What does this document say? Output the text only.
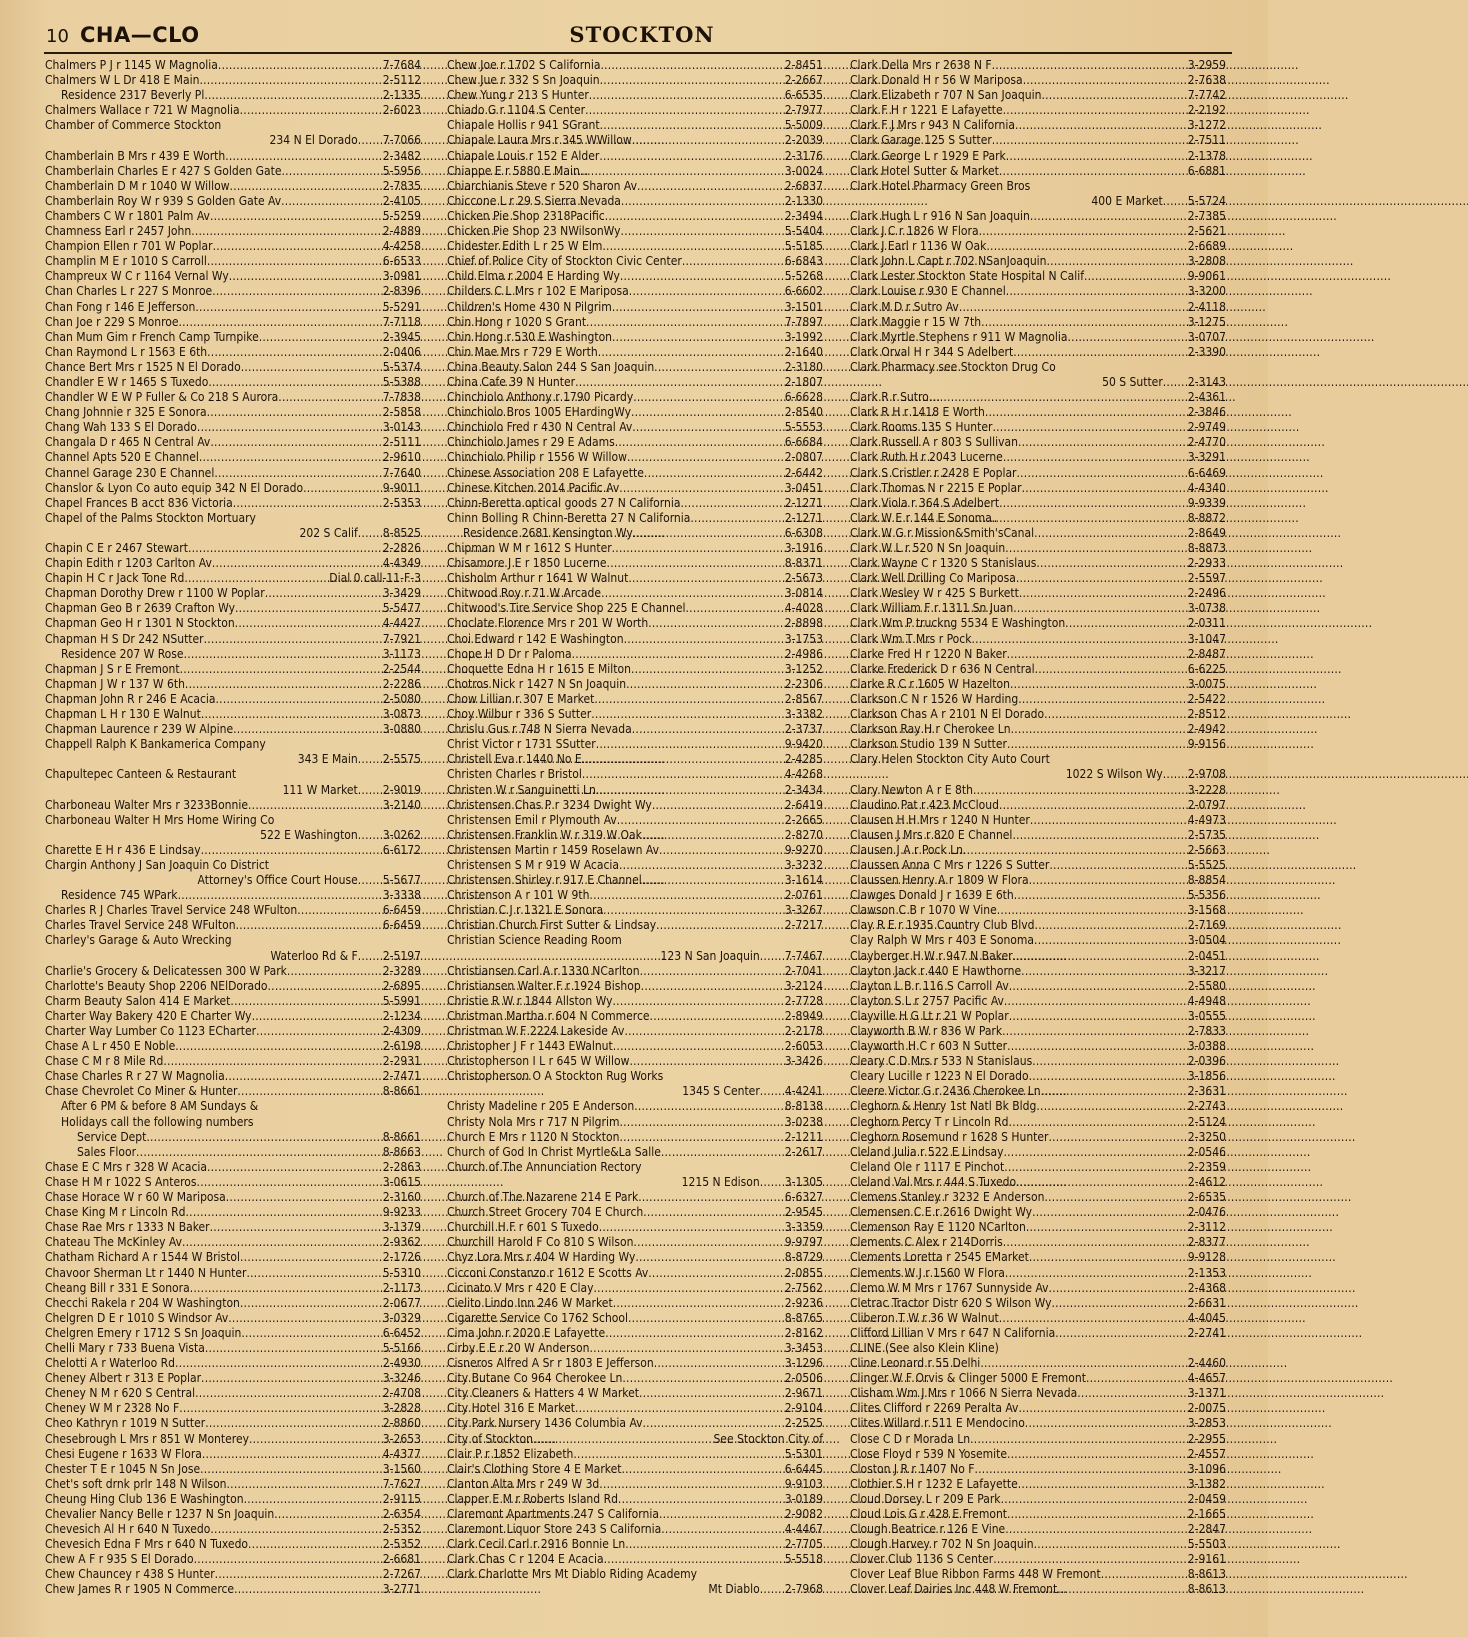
10 CHA—CLO	STOCKTON
Chalmers P J r 1145 W Magnolia . . .	7-7684
Chalmers W L Dr 418 E Main . . .	2-5112
Residence 2317 Beverly Pl . . .	2-1335
Chalmers Wallace r 721 W Magnolia . . .	2-6023
Chamber of Commerce Stockton
234 N El Dorado . . . 7-7066
Chamberlain B Mrs r 439 E Worth . . .	2-3482
Chamberlain Charles E r 427 S Golden Gate . . .	5-5956
Chamberlain D M r 1040 W Willow . . .	2-7835
Chamberlain Roy W r 939 S Golden Gate Av . . .	2-4105
Chambers C W r 1801 Palm Av . . .	5-5259
Chamness Earl r 2457 John . . .	2-4889
Champion Ellen r 701 W Poplar . . .	4-4258
Champlin M E r 1010 S Carroll . . .	6-6533
Champreux W C r 1164 Vernal Wy . . .	3-0981
Chan Charles L r 227 S Monroe . . .	2-8396
Chan Fong r 146 E Jefferson . . .	5-5291
Chan Joe r 229 S Monroe . . .	7-7118
Chan Mum Gim r French Camp Turnpike . . .	2-3945
Chan Raymond L r 1563 E 6th . . .	2-0406
Chance Bert Mrs r 1525 N El Dorado . . .	5-5374
Chandler E W r 1465 S Tuxedo . . .	5-5388
Chandler W E W P Fuller & Co 218 S Aurora . . .	7-7838
Chang Johnnie r 325 E Sonora . . .	2-5858
Chang Wah 133 S El Dorado . . .	3-0143
Changala D r 465 N Central Av . . .	2-5111
Channel Apts 520 E Channel . . .	2-9610
Channel Garage 230 E Channel . . .	7-7640
Chanslor & Lyon Co auto equip 342 N El Dorado . . .	9-9011
Chapel Frances B acct 836 Victoria . . .	2-5353
Chapel of the Palms Stockton Mortuary
202 S Calif . . . 8-8525
Chapin C E r 2467 Stewart . . .	2-2826
Chapin Edith r 1203 Carlton Av . . .	4-4349
Chapin H C r Jack Tone Rd . . .	Dial 0 call-11-F-3
Chapman Dorothy Drew r 1100 W Poplar . . .	3-3429
Chapman Geo B r 2639 Crafton Wy . . .	5-5477
Chapman Geo H r 1301 N Stockton . . .	4-4427
Chapman H S Dr 242 NSutter . . .	7-7921
Residence 207 W Rose . . .	3-1173
Chapman J S r E Fremont . . .	2-2544
Chapman J W r 137 W 6th . . .	2-2286
Chapman John R r 246 E Acacia . . .	2-5080
Chapman L H r 130 E Walnut . . .	3-0873
Chapman Laurence r 239 W Alpine . . .	3-0880
Chappell Ralph K Bankamerica Company
343 E Main . . . 2-5575
Chapultepec Canteen & Restaurant
111 W Market . . . 2-9019
Charboneau Walter Mrs r 3233Bonnie . . .	3-2140
Charboneau Walter H Mrs Home Wiring Co
522 E Washington . . . 3-0262
Charette E H r 436 E Lindsay . . .	6-6172
Chargin Anthony J San Joaquin Co District
Attorney's Office Court House . . . 5-5677
Residence 745 WPark . . .	3-3338
Charles R J Charles Travel Service 248 WFulton . . .	6-6459
Charles Travel Service 248 WFulton . . .	6-6459
Charley's Garage & Auto Wrecking
Waterloo Rd & F . . . 2-5197
Charlie's Grocery & Delicatessen 300 W Park . . .	2-3289
Charlotte's Beauty Shop 2206 NElDorado . . .	2-6895
Charm Beauty Salon 414 E Market . . .	5-5991
Charter Way Bakery 420 E Charter Wy . . .	2-1234
Charter Way Lumber Co 1123 ECharter . . .	2-4309
Chase A L r 450 E Noble . . .	2-6198
Chase C M r 8 Mile Rd . . .	2-2931
Chase Charles R r 27 W Magnolia . . .	2-7471
Chase Chevrolet Co Miner & Hunter . . .	8-8661
After 6 PM & before 8 AM Sundays &
Holidays call the following numbers
Service Dept . . .	8-8661
Sales Floor . . .	8-8663
Chase E C Mrs r 328 W Acacia . . .	2-2863
Chase H M r 1022 S Anteros . . .	3-0615
Chase Horace W r 60 W Mariposa . . .	2-3160
Chase King M r Lincoln Rd . . .	9-9233
Chase Rae Mrs r 1333 N Baker . . .	3-1379
Chateau The McKinley Av . . .	2-9362
Chatham Richard A r 1544 W Bristol . . .	2-1726
Chavoor Sherman Lt r 1440 N Hunter . . .	5-5310
Cheang Bill r 331 E Sonora . . .	2-1173
Checchi Rakela r 204 W Washington . . .	2-0677
Chelgren D E r 1010 S Windsor Av . . .	3-0329
Chelgren Emery r 1712 S Sn Joaquin . . .	6-6452
Chelli Mary r 733 Buena Vista . . .	5-5166
Chelotti A r Waterloo Rd . . .	2-4930
Cheney Albert r 313 E Poplar . . .	3-3246
Cheney N M r 620 S Central . . .	2-4708
Cheney W M r 2328 No F . . .	3-2828
Cheo Kathryn r 1019 N Sutter . . .	2-8860
Chesebrough L Mrs r 851 W Monterey . . .	3-2653
Chesi Eugene r 1633 W Flora . . .	4-4377
Chester T E r 1045 N Sn Jose . . .	3-1560
Chet's soft drnk prlr 148 N Wilson . . .	7-7627
Cheung Hing Club 136 E Washington . . .	2-9115
Chevalier Nancy Belle r 1237 N Sn Joaquin . . .	2-6354
Chevesich Al H r 640 N Tuxedo . . .	2-5352
Chevesich Edna F Mrs r 640 N Tuxedo . . .	2-5352
Chew A F r 935 S El Dorado . . .	2-6681
Chew Chauncey r 438 S Hunter . . .	2-7267
Chew James R r 1905 N Commerce . . .	3-2771
Chew Joe r 1702 S California . . .	2-8451
Chew Jue r 332 S Sn Joaquin . . .	2-2667
Chew Yung r 213 S Hunter . . .	6-6535
Chiado G r 1104 S Center . . .	2-7977
Chiapale Hollis r 941 SGrant . . .	5-5009
Chiapale Laura Mrs r 345 WWillow . . .	2-2039
Chiapale Louis r 152 E Alder . . .	2-3176
Chiappe E r 5880 E Main . . .	3-0024
Chiarchianis Steve r 520 Sharon Av . . .	2-6837
Chiccone L r 29 S Sierra Nevada . . .	2-1330
Chicken Pie Shop 2318Pacific . . .	2-3494
Chicken Pie Shop 23 NWilsonWy . . .	5-5404
Chidester Edith L r 25 W Elm . . .	5-5185
Chief of Police City of Stockton Civic Center . . .	6-6843
Child Elma r 2004 E Harding Wy . . .	5-5268
Childers C L Mrs r 102 E Mariposa . . .	6-6602
Children's Home 430 N Pilgrim . . .	3-1501
Chin Hong r 1020 S Grant . . .	7-7897
Chin Hong r 530 E Washington . . .	3-1992
Chin Mae Mrs r 729 E Worth . . .	2-1640
China Beauty Salon 244 S San Joaquin . . .	2-3180
China Cafe 39 N Hunter . . .	2-1807
Chinchiolo Anthony r 1790 Picardy . . .	6-6628
Chinchiolo Bros 1005 EHardingWy . . .	2-8540
Chinchiolo Fred r 430 N Central Av . . .	5-5553
Chinchiolo James r 29 E Adams . . .	6-6684
Chinchiolo Philip r 1556 W Willow . . .	2-0807
Chinese Association 208 E Lafayette . . .	2-6442
Chinese Kitchen 2014 Pacific Av . . .	3-0451
Chinn-Beretta optical goods 27 N California . . .	2-1271
Chinn Bolling R Chinn-Beretta 27 N California . . .	2-1271
Residence 2681 Kensington Wy . . .	6-6308
Chipman W M r 1612 S Hunter . . .	3-1916
Chisamore J E r 1850 Lucerne . . .	8-8371
Chisholm Arthur r 1641 W Walnut . . .	2-5673
Chitwood Roy r 71 W Arcade . . .	3-0814
Chitwood's Tire Service Shop 225 E Channel . . .	4-4028
Choclate Florence Mrs r 201 W Worth . . .	2-8898
Choi Edward r 142 E Washington . . .	3-1753
Chope H D Dr r Paloma . . .	2-4986
Choquette Edna H r 1615 E Milton . . .	3-1252
Chotros Nick r 1427 N Sn Joaquin . . .	2-2306
Chow Lillian r 307 E Market . . .	2-8567
Choy Wilbur r 336 S Sutter . . .	3-3382
Chrislu Gus r 748 N Sierra Nevada . . .	2-3737
Christ Victor r 1731 SSutter . . .	9-9420
Christell Eva r 1440 No E . . .	2-4285
Christen Charles r Bristol . . .	4-4268
Christen W r Sanguinetti Ln . . .	2-3434
Christensen Chas P r 3234 Dwight Wy . . .	2-6419
Christensen Emil r Plymouth Av . . .	2-2665
Christensen Franklin W r 319 W Oak . . .	2-8270
Christensen Martin r 1459 Roselawn Av . . .	9-9270
Christensen S M r 919 W Acacia . . .	3-3232
Christensen Shirley r 917 E Channel . . .	3-1614
Christenson A r 101 W 9th . . .	2-0761
Christian C J r 1321 E Sonora . . .	3-3267
Christian Church First Sutter & Lindsay . . .	2-7217
Christian Science Reading Room
123 N San Joaquin . . . 7-7467
Christiansen Carl A r 1330 NCarlton . . .	2-7041
Christiansen Walter F r 1924 Bishop . . .	3-2124
Christie R W r 1844 Allston Wy . . .	2-7728
Christman Martha r 604 N Commerce . . .	2-8949
Christman W F 2224 Lakeside Av . . .	2-2178
Christopher J F r 1443 EWalnut . . .	2-6053
Christopherson I L r 645 W Willow . . .	3-3426
Christopherson O A Stockton Rug Works
1345 S Center . . . 4-4241
Christy Madeline r 205 E Anderson . . .	8-8138
Christy Nola Mrs r 717 N Pilgrim . . .	3-0238
Church E Mrs r 1120 N Stockton . . .	2-1211
Church of God In Christ Myrtle&La Salle . . .	2-2617
Church of The Annunciation Rectory
1215 N Edison . . . 3-1305
Church of The Nazarene 214 E Park . . .	6-6327
Church Street Grocery 704 E Church . . .	2-9545
Churchill H F r 601 S Tuxedo . . .	3-3359
Churchill Harold F Co 810 S Wilson . . .	9-9797
Chyz Lora Mrs r 404 W Harding Wy . . .	8-8729
Cicconi Constanzo r 1612 E Scotts Av . . .	2-0855
Cicinato V Mrs r 420 E Clay . . .	2-7562
Cielito Lindo Inn 246 W Market . . .	2-9236
Cigarette Service Co 1762 School . . .	8-8765
Cima John r 2020 E Lafayette . . .	2-8162
Cirby E E r 20 W Anderson . . .	3-3453
Cisneros Alfred A Sr r 1803 E Jefferson . . .	3-1296
City Butane Co 964 Cherokee Ln . . .	2-0506
City Cleaners & Hatters 4 W Market . . .	2-9671
City Hotel 316 E Market . . .	2-9104
City Park Nursery 1436 Columbia Av . . .	2-2525
City of Stockton . . .	See Stockton City of
Clair P r 1852 Elizabeth . . .	5-5301
Clair's Clothing Store 4 E Market . . .	6-6445
Clanton Alta Mrs r 249 W 3d . . .	9-9103
Clapper E M r Roberts Island Rd . . .	3-0189
Claremont Apartments 247 S California . . .	2-9082
Claremont Liquor Store 243 S California . . .	4-4467
Clark Cecil Carl r 2916 Bonnie Ln . . .	2-7705
Clark Chas C r 1204 E Acacia . . .	5-5518
Clark Charlotte Mrs Mt Diablo Riding Academy
Mt Diablo . . . 2-7968
Clark Della Mrs r 2638 N F . . .	3-2959
Clark Donald H r 56 W Mariposa . . .	2-7638
Clark Elizabeth r 707 N San Joaquin . . .	7-7742
Clark F H r 1221 E Lafayette . . .	2-2192
Clark F J Mrs r 943 N California . . .	3-1272
Clark Garage 125 S Sutter . . .	2-7511
Clark George L r 1929 E Park . . .	2-1378
Clark Hotel Sutter & Market . . .	6-6881
Clark Hotel Pharmacy Green Bros
400 E Market . . . 5-5724
Clark Hugh L r 916 N San Joaquin . . .	2-7385
Clark J C r 1826 W Flora . . .	2-5621
Clark J Earl r 1136 W Oak . . .	2-6689
Clark John L Capt r 702 NSanJoaquin . . .	3-2808
Clark Lester Stockton State Hospital N Calif . . .	9-9061
Clark Louise r 930 E Channel . . .	3-3200
Clark M D r Sutro Av . . .	2-4118
Clark Maggie r 15 W 7th . . .	3-1275
Clark Myrtle Stephens r 911 W Magnolia . . .	3-0707
Clark Orval H r 344 S Adelbert . . .	2-3390
Clark Pharmacy see Stockton Drug Co
50 S Sutter . . . 2-3143
Clark R r Sutro . . .	2-4361
Clark R H r 1418 E Worth . . .	2-3846
Clark Rooms 135 S Hunter . . .	2-9749
Clark Russell A r 803 S Sullivan . . .	2-4770
Clark Ruth H r 2043 Lucerne . . .	3-3291
Clark S Cristler r 2428 E Poplar . . .	6-6469
Clark Thomas N r 2215 E Poplar . . .	4-4340
Clark Viola r 364 S Adelbert . . .	9-9339
Clark W E r 144 E Sonoma . . .	8-8872
Clark W G r Mission&Smith'sCanal . . .	2-8649
Clark W L r 520 N Sn Joaquin . . .	8-8873
Clark Wayne C r 1320 S Stanislaus . . .	2-2933
Clark Well Drilling Co Mariposa . . .	2-5597
Clark Wesley W r 425 S Burkett . . .	2-2496
Clark William F r 1311 Sn Juan . . .	3-0738
Clark Wm P truckng 5534 E Washington . . .	2-0311
Clark Wm T Mrs r Pock . . .	3-1047
Clarke Fred H r 1220 N Baker . . .	2-8487
Clarke Frederick D r 636 N Central . . .	6-6225
Clarke R C r 1605 W Hazelton . . .	3-0075
Clarkson C N r 1526 W Harding . . .	2-5422
Clarkson Chas A r 2101 N El Dorado . . .	2-8512
Clarkson Ray H r Cherokee Ln . . .	2-4942
Clarkson Studio 139 N Sutter . . .	9-9156
Clary Helen Stockton City Auto Court
1022 S Wilson Wy . . . 2-9708
Clary Newton A r E 8th . . .	3-2228
Claudino Pat r 423 McCloud . . .	2-0797
Clausen H H Mrs r 1240 N Hunter . . .	4-4973
Clausen J Mrs r 820 E Channel . . .	2-5735
Clausen J A r Pock Ln . . .	2-5663
Claussen Anna C Mrs r 1226 S Sutter . . .	5-5525
Claussen Henry A r 1809 W Flora . . .	8-8854
Clawges Donald J r 1639 E 6th . . .	5-5356
Clawson C B r 1070 W Vine . . .	3-1568
Clay R E r 1935 Country Club Blvd . . .	2-7169
Clay Ralph W Mrs r 403 E Sonoma . . .	3-0504
Clayberger H W r 947 N Baker . . .	2-0451
Clayton Jack r 440 E Hawthorne . . .	3-3217
Clayton L B r 116 S Carroll Av . . .	2-5580
Clayton S L r 2757 Pacific Av . . .	4-4948
Clayville H G Lt r 21 W Poplar . . .	3-0555
Clayworth B W r 836 W Park . . .	2-7833
Clayworth H C r 603 N Sutter . . .	3-0388
Cleary C D Mrs r 533 N Stanislaus . . .	2-0396
Cleary Lucille r 1223 N El Dorado . . .	3-1856
Cleere Victor G r 2436 Cherokee Ln . . .	2-3631
Cleghorn & Henry 1st Natl Bk Bldg . . .	2-2743
Cleghorn Percy T r Lincoln Rd . . .	2-5124
Cleghorn Rosemund r 1628 S Hunter . . .	2-3250
Cleland Julia r 522 E Lindsay . . .	2-0546
Cleland Ole r 1117 E Pinchot . . .	2-2359
Cleland Val Mrs r 444 S Tuxedo . . .	2-4612
Clemens Stanley r 3232 E Anderson . . .	2-6535
Clemensen C E r 2616 Dwight Wy . . .	2-0476
Clemenson Ray E 1120 NCarlton . . .	2-3112
Clements C Alex r 214Dorris . . .	2-8377
Clements Loretta r 2545 EMarket . . .	9-9128
Clements W J r 1560 W Flora . . .	2-1353
Clemo W M Mrs r 1767 Sunnyside Av . . .	2-4368
Cletrac Tractor Distr 620 S Wilson Wy . . .	2-6631
Cliberon T W r 36 W Walnut . . .	4-4045
Clifford Lillian V Mrs r 647 N California . . .	2-2741
CLINE (See also Klein Kline)
Cline Leonard r 55 Delhi . . .	2-4460
Clinger W F Orvis & Clinger 5000 E Fremont . . .	4-4657
Clisham Wm J Mrs r 1066 N Sierra Nevada . . .	3-1371
Clites Clifford r 2269 Peralta Av . . .	2-0075
Clites Willard r 511 E Mendocino . . .	3-2853
Close C D r Morada Ln . . .	2-2955
Close Floyd r 539 N Yosemite . . .	2-4557
Closton J R r 1407 No F . . .	3-1096
Clothier S H r 1232 E Lafayette . . .	3-1382
Cloud Dorsey L r 209 E Park . . .	2-0459
Cloud Lois G r 428 E Fremont . . .	2-1665
Clough Beatrice r 126 E Vine . . .	2-2847
Clough Harvey r 702 N Sn Joaquin . . .	5-5503
Clover Club 1136 S Center . . .	2-9161
Clover Leaf Blue Ribbon Farms 448 W Fremont . . .	8-8613
Clover Leaf Dairies Inc 448 W Fremont . . .	8-8613
